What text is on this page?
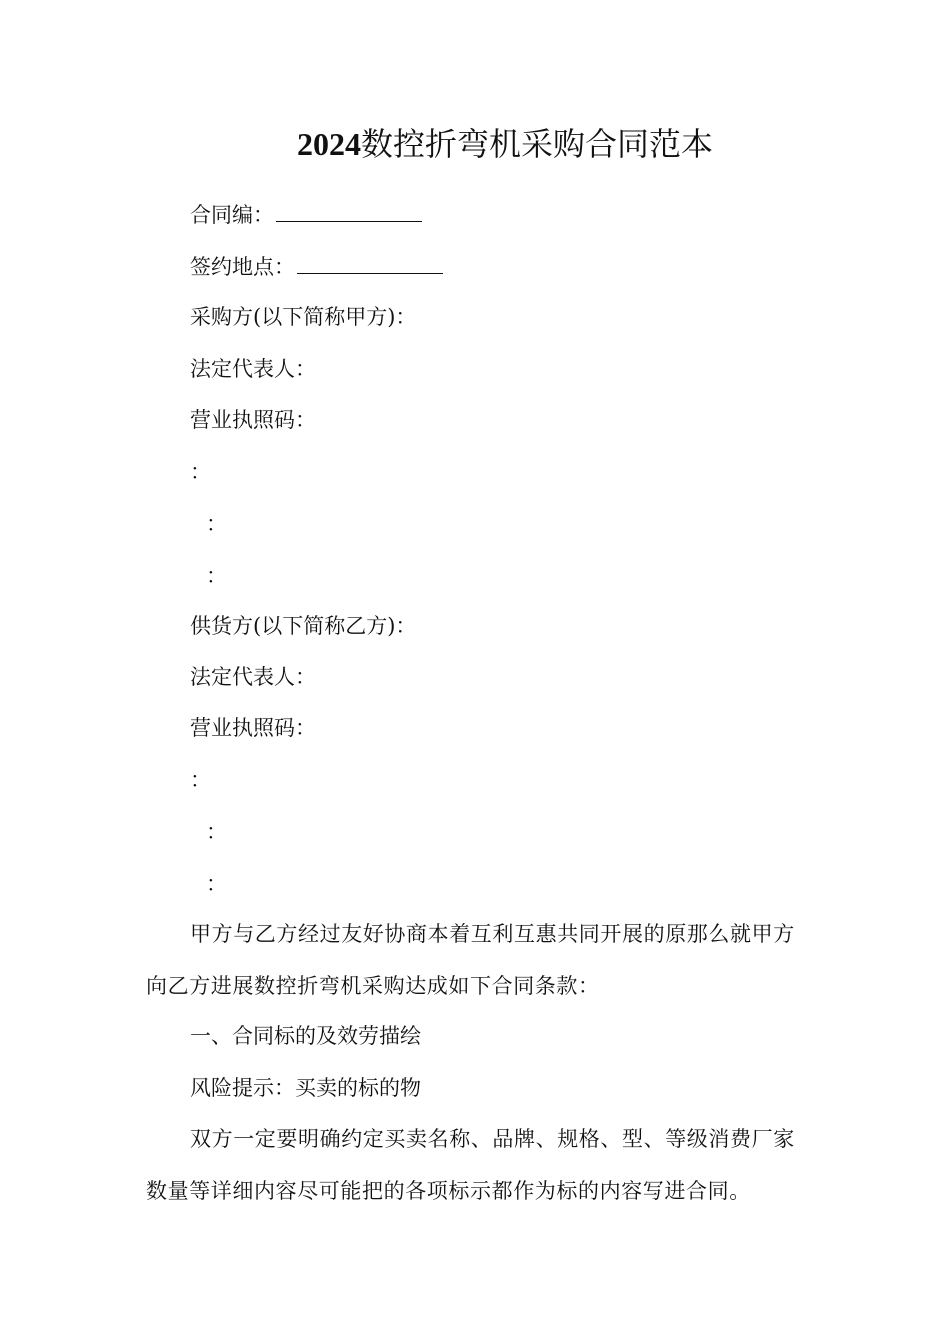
2024数控折弯机采购合同范本
合同编：
签约地点：
采购方(以下简称甲方)：
法定代表人：
营业执照码：
：
：
：
供货方(以下简称乙方)：
法定代表人：
营业执照码：
：
：
：
甲方与乙方经过友好协商本着互利互惠共同开展的原那么就甲方向乙方进展数控折弯机采购达成如下合同条款：
一、合同标的及效劳描绘
风险提示：买卖的标的物
双方一定要明确约定买卖名称、品牌、规格、型、等级消费厂家数量等详细内容尽可能把的各项标示都作为标的内容写进合同。
